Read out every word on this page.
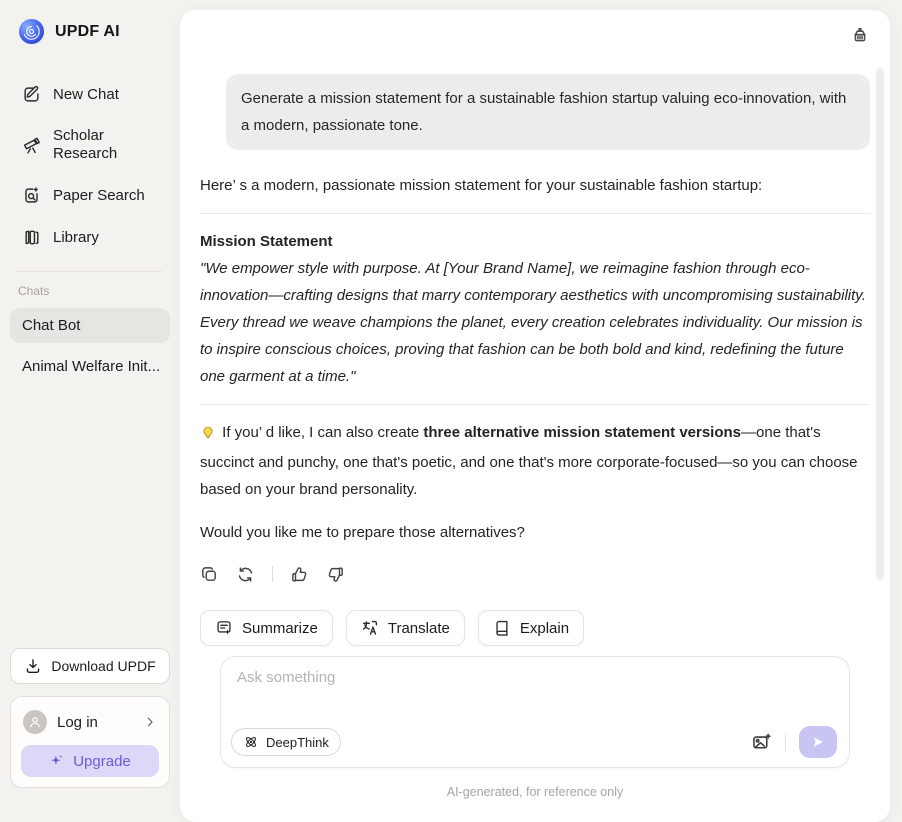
UPDF AI
New Chat
Scholar Research
Paper Search
Library
Chats
Chat Bot
Animal Welfare Init...
Download UPDF
Log in
Upgrade
Generate a mission statement for a sustainable fashion startup valuing eco-innovation, with a modern, passionate tone.

Here’ s a modern, passionate mission statement for your sustainable fashion startup:

Mission Statement

"We empower style with purpose. At [Your Brand Name], we reimagine fashion through eco-innovation—crafting designs that marry contemporary aesthetics with uncompromising sustainability. Every thread we weave champions the planet, every creation celebrates individuality. Our mission is to inspire conscious choices, proving that fashion can be both bold and kind, redefining the future one garment at a time."

If you’ d like, I can also create three alternative mission statement versions—one that's succinct and punchy, one that's poetic, and one that's more corporate-focused—so you can choose based on your brand personality.

Would you like me to prepare those alternatives?

Summarize	Translate	Explain
Ask something
DeepThink
AI-generated, for reference only
